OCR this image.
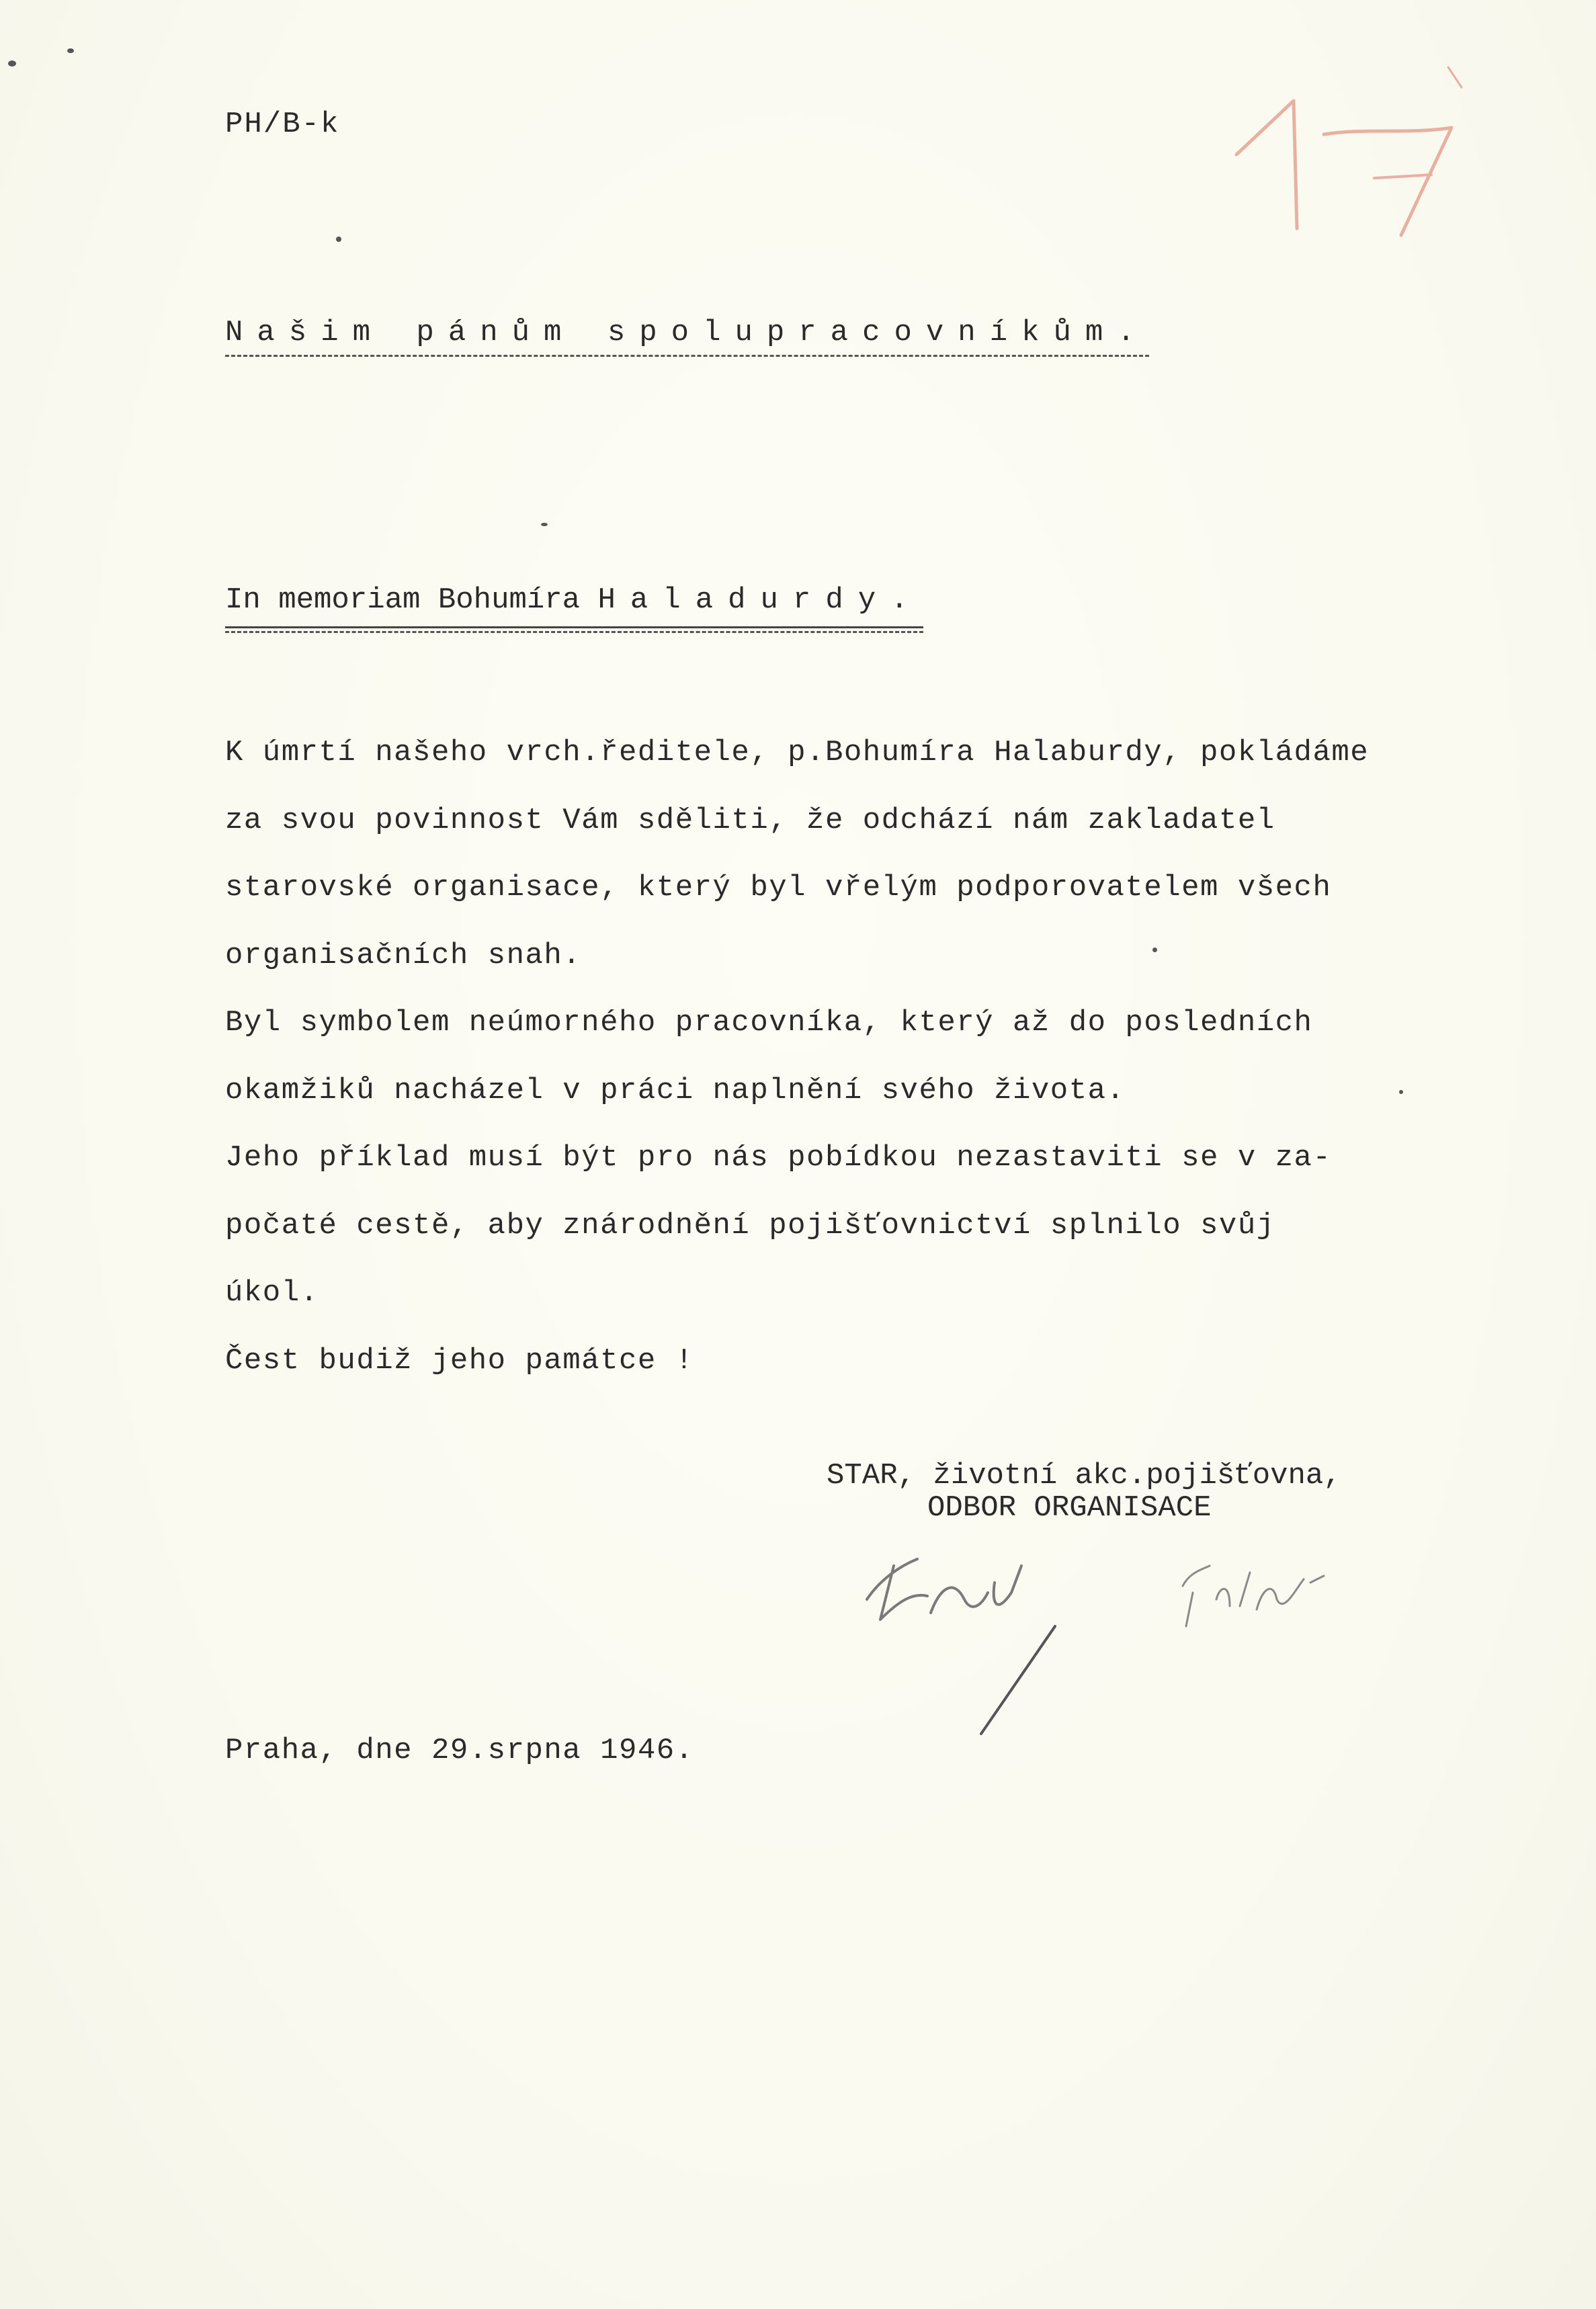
PH/B-k
Našim pánům spolupracovníkům.
In memoriam Bohumíra Haladurdy.

K úmrtí našeho vrch.ředitele, p.Bohumíra Halaburdy, pokládáme

za svou povinnost Vám sděliti, že odchází nám zakladatel

starovské organisace, který byl vřelým podporovatelem všech

organisačních snah.

Byl symbolem neúmorného pracovníka, který až do posledních

okamžiků nacházel v práci naplnění svého života.

Jeho příklad musí být pro nás pobídkou nezastaviti se v za-

počaté cestě, aby znárodnění pojišťovnictví splnilo svůj

úkol.

Čest budiž jeho památce !

STAR, životní akc.pojišťovna,
ODBOR ORGANISACE
Praha, dne 29.srpna 1946.
